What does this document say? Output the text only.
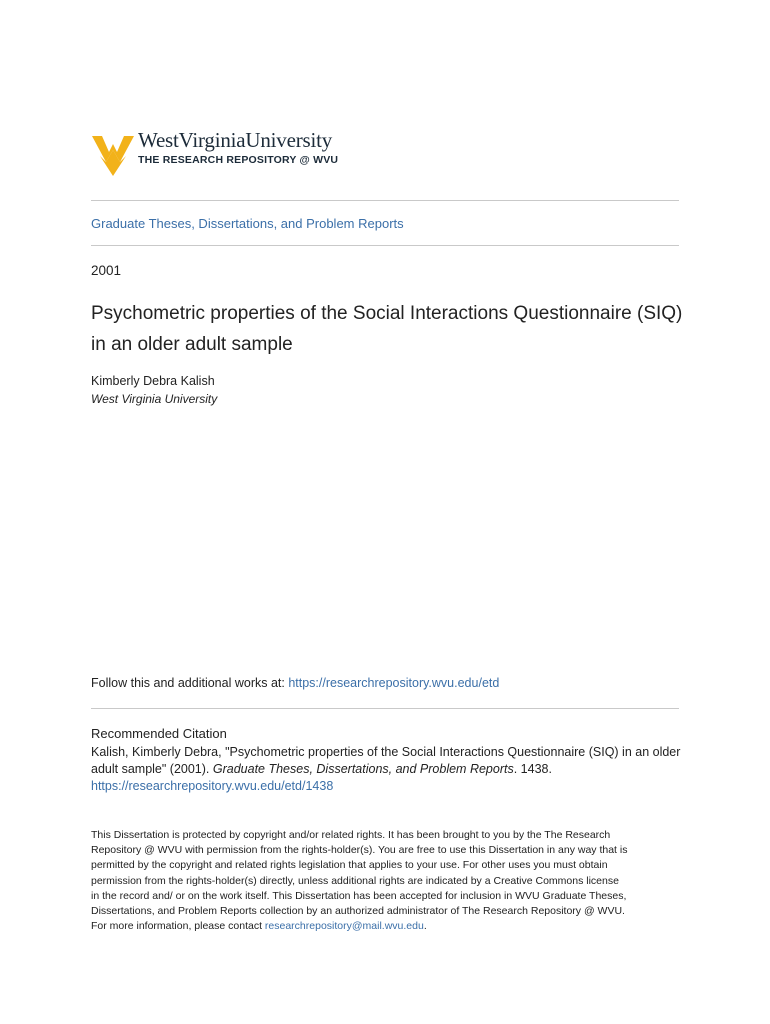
WestVirginiaUniversity
THE RESEARCH REPOSITORY @ WVU
Graduate Theses, Dissertations, and Problem Reports
2001
Psychometric properties of the Social Interactions Questionnaire (SIQ) in an older adult sample
Kimberly Debra Kalish
West Virginia University
Follow this and additional works at: https://researchrepository.wvu.edu/etd
Recommended Citation
Kalish, Kimberly Debra, "Psychometric properties of the Social Interactions Questionnaire (SIQ) in an older
adult sample" (2001). Graduate Theses, Dissertations, and Problem Reports. 1438.
https://researchrepository.wvu.edu/etd/1438
This Dissertation is protected by copyright and/or related rights. It has been brought to you by the The Research
Repository @ WVU with permission from the rights-holder(s). You are free to use this Dissertation in any way that is
permitted by the copyright and related rights legislation that applies to your use. For other uses you must obtain
permission from the rights-holder(s) directly, unless additional rights are indicated by a Creative Commons license
in the record and/ or on the work itself. This Dissertation has been accepted for inclusion in WVU Graduate Theses,
Dissertations, and Problem Reports collection by an authorized administrator of The Research Repository @ WVU.
For more information, please contact researchrepository@mail.wvu.edu.
